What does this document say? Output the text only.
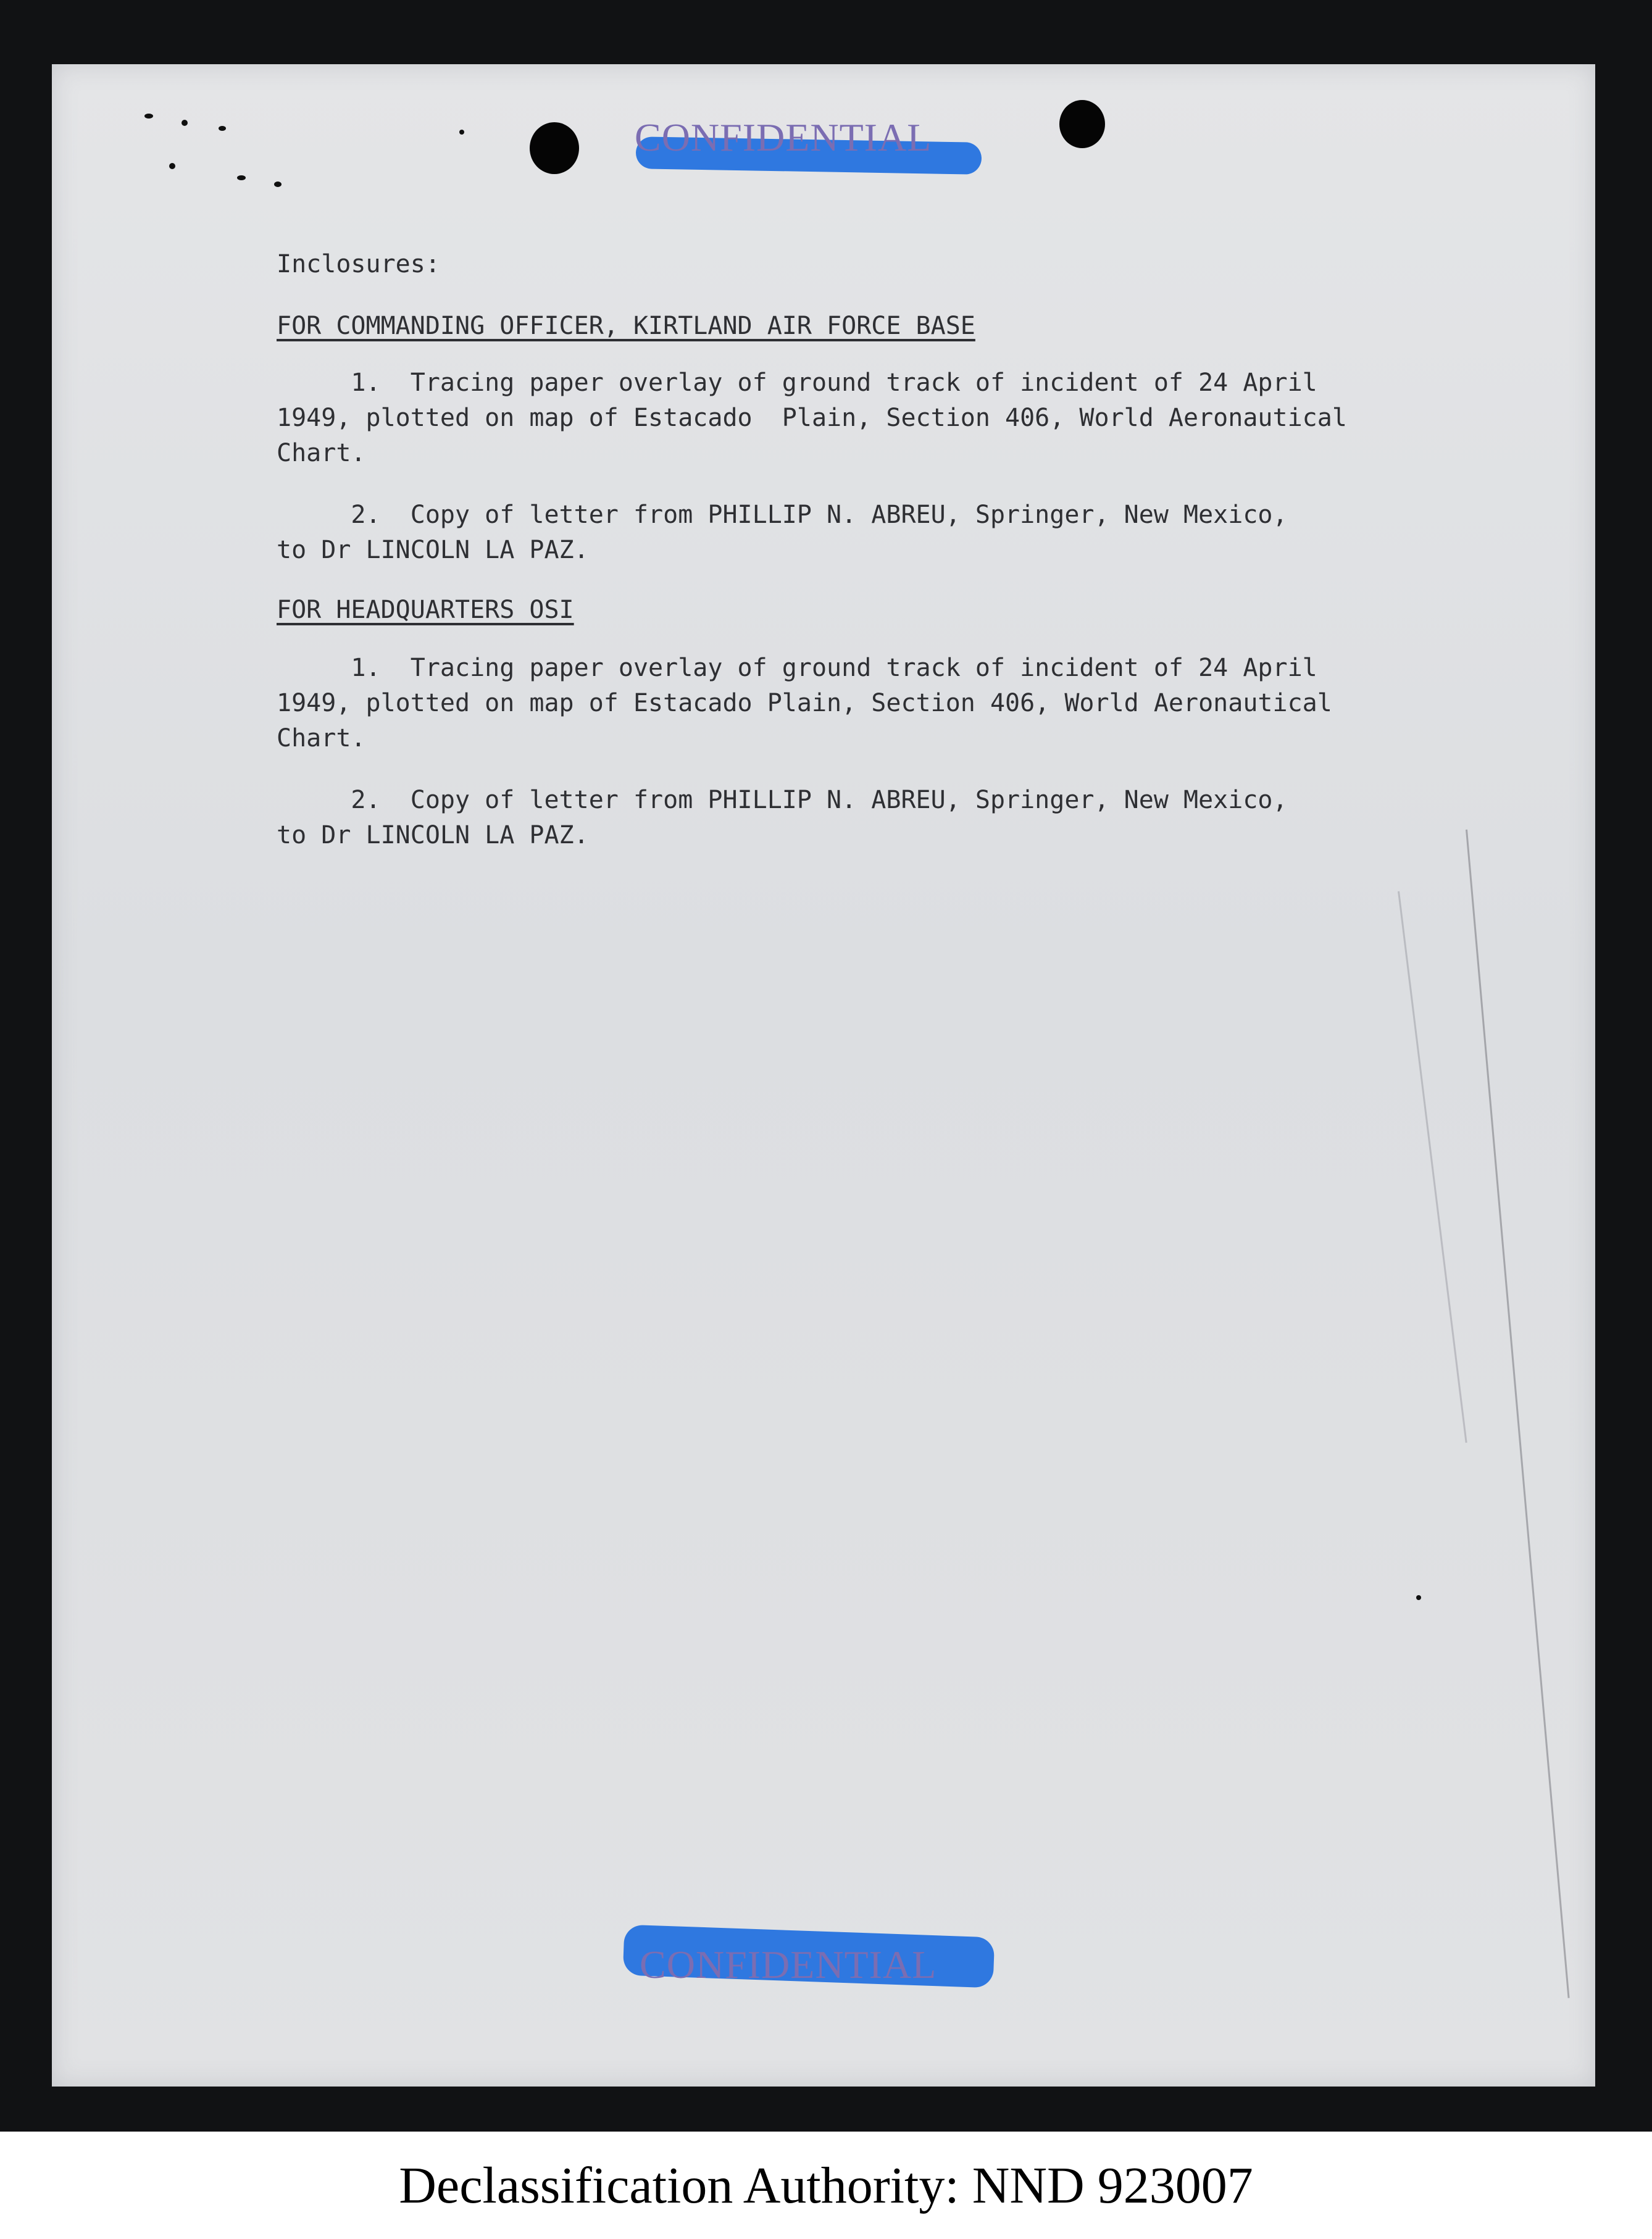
CONFIDENTIAL
Inclosures:
FOR COMMANDING OFFICER, KIRTLAND AIR FORCE BASE
1.  Tracing paper overlay of ground track of incident of 24 April
1949, plotted on map of Estacado  Plain, Section 406, World Aeronautical
Chart.
2.  Copy of letter from PHILLIP N. ABREU, Springer, New Mexico,
to Dr LINCOLN LA PAZ.
FOR HEADQUARTERS OSI
1.  Tracing paper overlay of ground track of incident of 24 April
1949, plotted on map of Estacado Plain, Section 406, World Aeronautical
Chart.
2.  Copy of letter from PHILLIP N. ABREU, Springer, New Mexico,
to Dr LINCOLN LA PAZ.
CONFIDENTIAL
Declassification Authority: NND 923007
